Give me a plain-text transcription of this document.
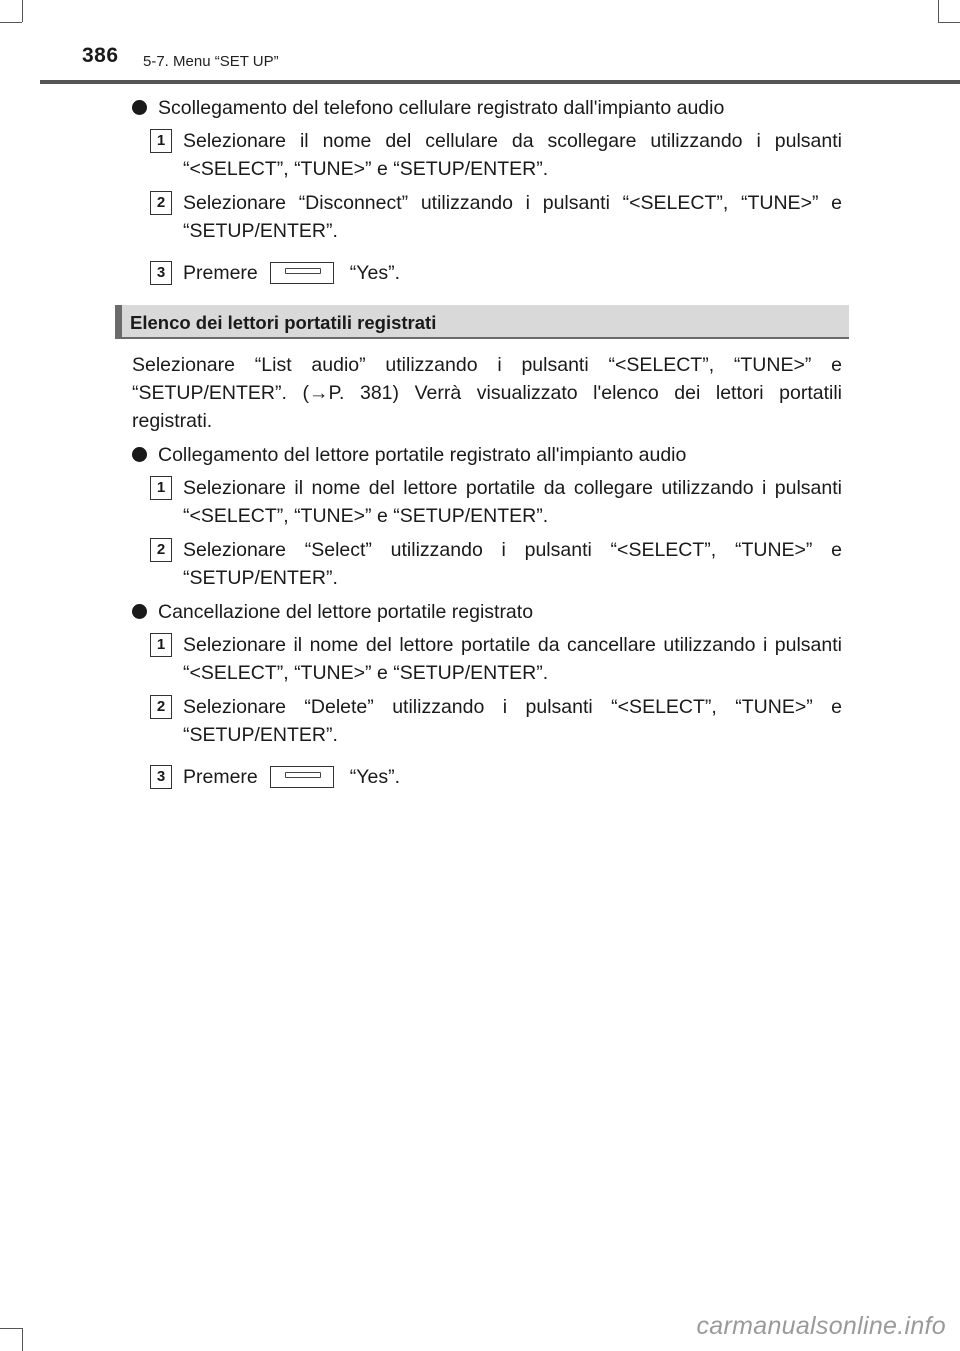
386 5-7. Menu “SET UP”
Scollegamento del telefono cellulare registrato dall'impianto audio
1 Selezionare il nome del cellulare da scollegare utilizzando i pulsanti “<SELECT”, “TUNE>” e “SETUP/ENTER”.
2 Selezionare “Disconnect” utilizzando i pulsanti “<SELECT”, “TUNE>” e “SETUP/ENTER”.
3 Premere	“Yes”.
Elenco dei lettori portatili registrati

Selezionare “List audio” utilizzando i pulsanti “<SELECT”, “TUNE>” e “SETUP/ENTER”. (→P. 381) Verrà visualizzato l'elenco dei lettori portatili registrati.

Collegamento del lettore portatile registrato all'impianto audio
1 Selezionare il nome del lettore portatile da collegare utilizzando i pulsanti “<SELECT”, “TUNE>” e “SETUP/ENTER”.
2 Selezionare “Select” utilizzando i pulsanti “<SELECT”, “TUNE>” e “SETUP/ENTER”.
Cancellazione del lettore portatile registrato
1 Selezionare il nome del lettore portatile da cancellare utilizzando i pulsanti “<SELECT”, “TUNE>” e “SETUP/ENTER”.
2 Selezionare “Delete” utilizzando i pulsanti “<SELECT”, “TUNE>” e “SETUP/ENTER”.
3 Premere	“Yes”.
carmanualsonline.info
